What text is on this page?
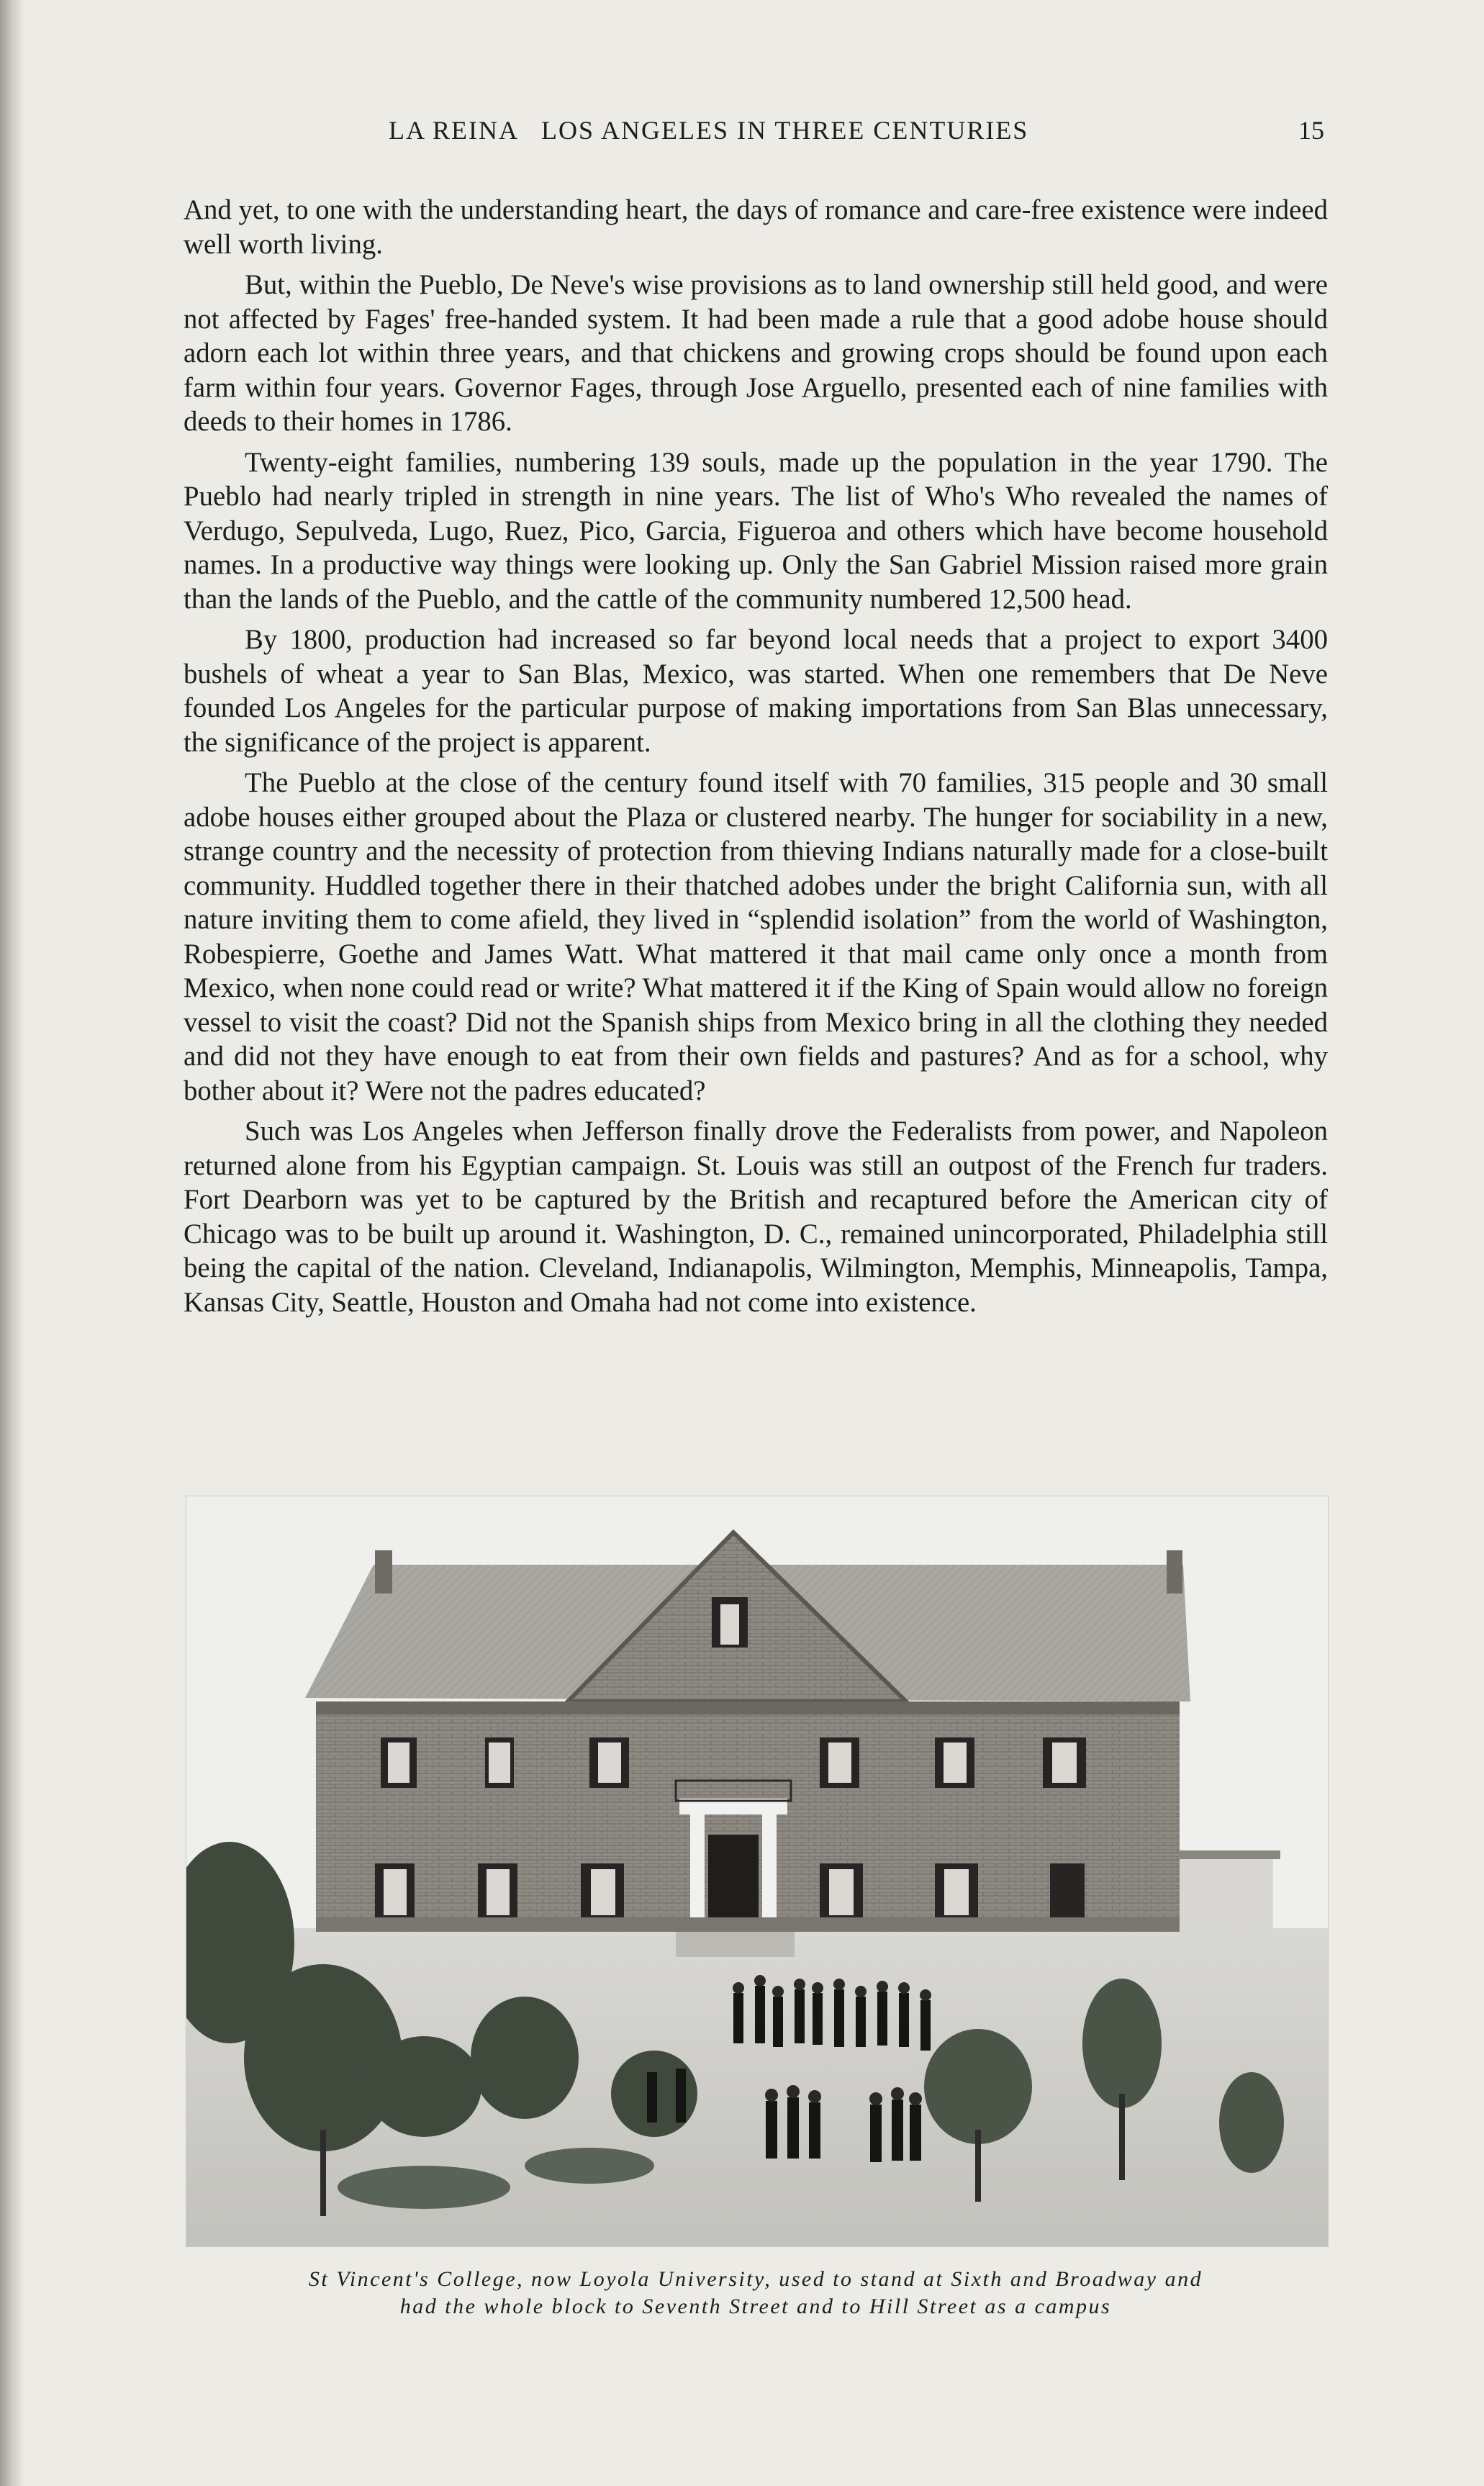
LA REINA   LOS ANGELES IN THREE CENTURIES	15

And yet, to one with the understanding heart, the days of romance and care-free existence were indeed well worth living.

But, within the Pueblo, De Neve's wise provisions as to land ownership still held good, and were not affected by Fages' free-handed system. It had been made a rule that a good adobe house should adorn each lot within three years, and that chickens and growing crops should be found upon each farm within four years. Governor Fages, through Jose Arguello, presented each of nine families with deeds to their homes in 1786.

Twenty-eight families, numbering 139 souls, made up the population in the year 1790. The Pueblo had nearly tripled in strength in nine years. The list of Who's Who revealed the names of Verdugo, Sepulveda, Lugo, Ruez, Pico, Garcia, Figueroa and others which have become household names. In a productive way things were looking up. Only the San Gabriel Mission raised more grain than the lands of the Pueblo, and the cattle of the community numbered 12,500 head.

By 1800, production had increased so far beyond local needs that a project to export 3400 bushels of wheat a year to San Blas, Mexico, was started. When one remembers that De Neve founded Los Angeles for the particular purpose of making importations from San Blas unnecessary, the significance of the project is apparent.

The Pueblo at the close of the century found itself with 70 families, 315 people and 30 small adobe houses either grouped about the Plaza or clustered nearby. The hunger for sociability in a new, strange country and the necessity of protection from thieving Indians naturally made for a close-built community. Huddled together there in their thatched adobes under the bright California sun, with all nature inviting them to come afield, they lived in “splendid isolation” from the world of Washington, Robespierre, Goethe and James Watt. What mattered it that mail came only once a month from Mexico, when none could read or write? What mattered it if the King of Spain would allow no foreign vessel to visit the coast? Did not the Spanish ships from Mexico bring in all the clothing they needed and did not they have enough to eat from their own fields and pastures? And as for a school, why bother about it? Were not the padres educated?

Such was Los Angeles when Jefferson finally drove the Federalists from power, and Napoleon returned alone from his Egyptian campaign. St. Louis was still an outpost of the French fur traders. Fort Dearborn was yet to be captured by the British and recaptured before the American city of Chicago was to be built up around it. Washington, D. C., remained unincorporated, Philadelphia still being the capital of the nation. Cleveland, Indianapolis, Wilmington, Memphis, Minneapolis, Tampa, Kansas City, Seattle, Houston and Omaha had not come into existence.

St Vincent's College, now Loyola University, used to stand at Sixth and Broadway and
had the whole block to Seventh Street and to Hill Street as a campus
